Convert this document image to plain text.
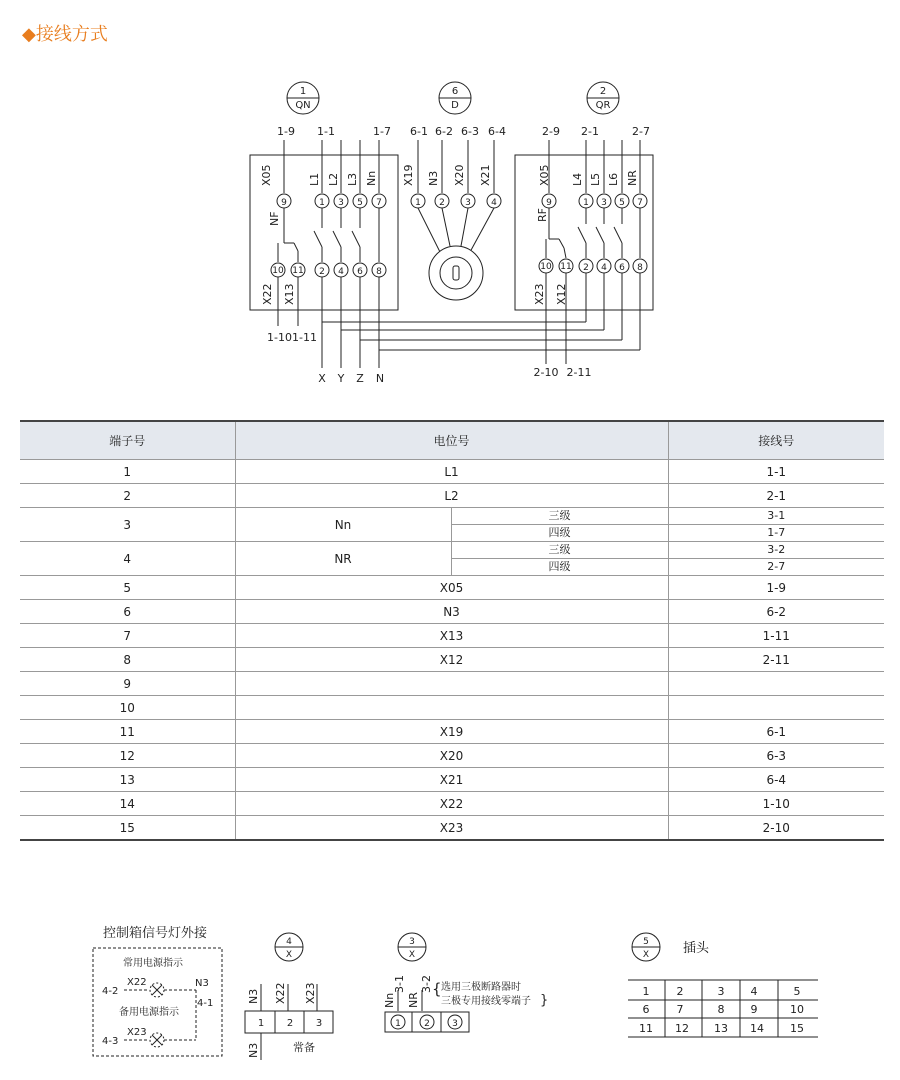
◆接线方式
1
QN
6
D
2
QR
1-9 1-1	1-7 6-1 6-2 6-3 6-4	2-9 2-1	2-7
X05	L1 L2 L3 Nn
NF
9	1 3 5 7
10 11 2 4 6 8
X22 X13
1-101-11
X Y Z N
X19 N3 X20 X21
1 2 3 4
X05 L4 L5 L6 NR
RF
9	1 3 5 7
10 11 2 4 6 8
X23 X12
2-10 2-11
控制箱信号灯外接
常用电源指示
4-2
X22	N3
4-1
备用电源指示
X23
4-3
4
X
N3 X22 X23
1 2 3
N3	常备
3
X
Nn NR
3-1 3-2 { 选用三极断路器时
三极专用接线零端子 }
1	2 3
5
X	插头
1 2	3 4	5
6 7	8 9	10
11 12 13 14 15
端子号	电位号		接线号
1	L1		1-1
2	L2		2-1
3	Nn	三级	3-1
		四级	1-7
4	NR	三级	3-2
		四级	2-7
5	X05		1-9
6	N3		6-2
7	X13		1-11
8	X12		2-11
9			
10			
11	X19		6-1
12	X20		6-3
13	X21		6-4
14	X22		1-10
15	X23		2-10
